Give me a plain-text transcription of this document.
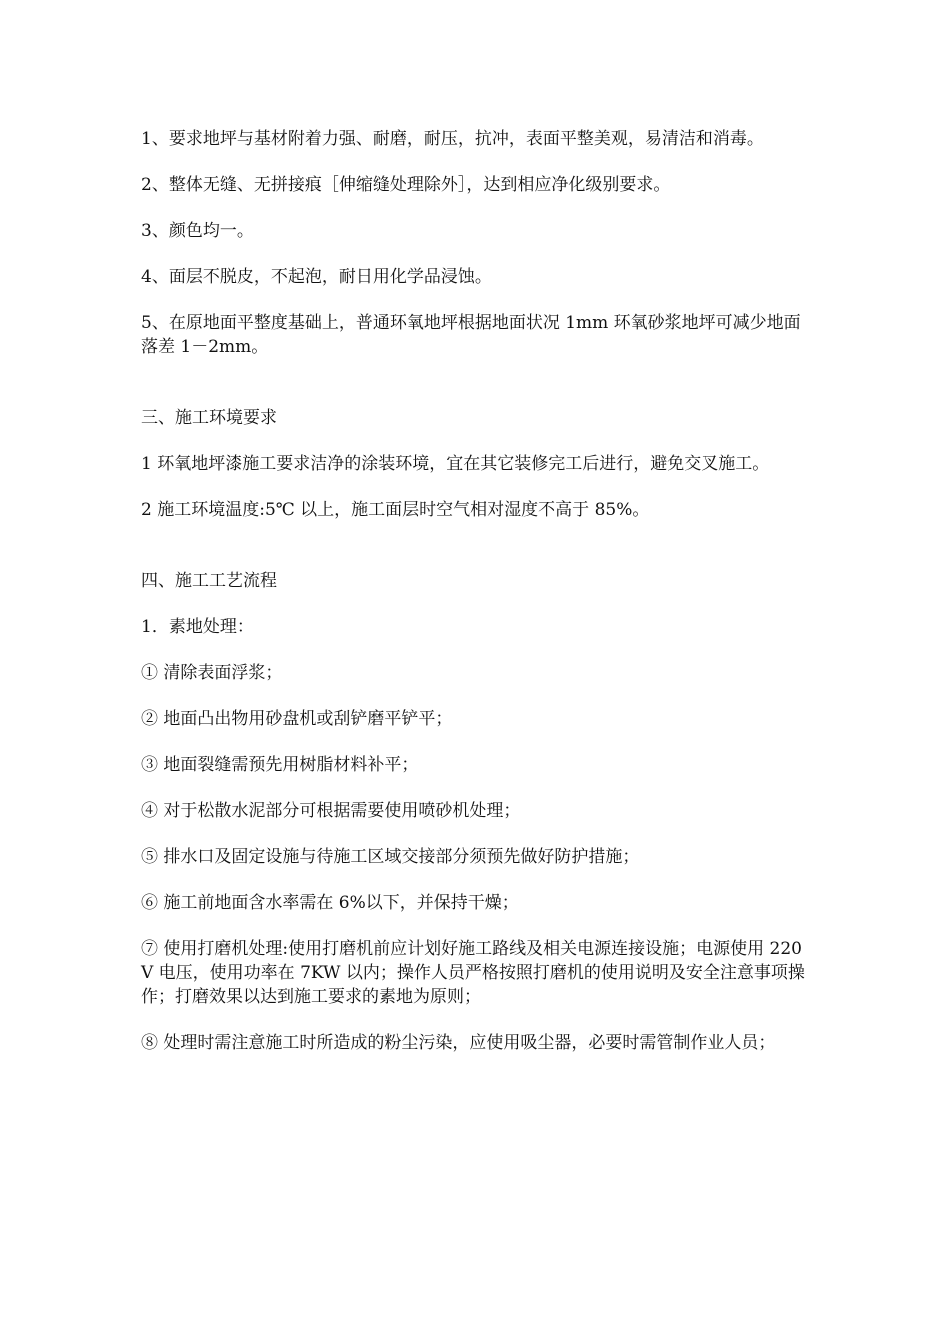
1、要求地坪与基材附着力强、耐磨，耐压，抗冲，表面平整美观，易清洁和消毒。

2、整体无缝、无拼接痕［伸缩缝处理除外］，达到相应净化级别要求。

3、颜色均一。

4、面层不脱皮，不起泡，耐日用化学品浸蚀。

5、在原地面平整度基础上，普通环氧地坪根据地面状况 1mm 环氧砂浆地坪可减少地面落差 1－2mm。

三、施工环境要求

1 环氧地坪漆施工要求洁净的涂装环境，宜在其它装修完工后进行，避免交叉施工。

2 施工环境温度:5℃ 以上，施工面层时空气相对湿度不高于 85%。

四、施工工艺流程

1．素地处理：

① 清除表面浮浆；

② 地面凸出物用砂盘机或刮铲磨平铲平；

③ 地面裂缝需预先用树脂材料补平；

④ 对于松散水泥部分可根据需要使用喷砂机处理；

⑤ 排水口及固定设施与待施工区域交接部分须预先做好防护措施；

⑥ 施工前地面含水率需在 6%以下，并保持干燥；

⑦ 使用打磨机处理:使用打磨机前应计划好施工路线及相关电源连接设施；电源使用 220V 电压，使用功率在 7KW 以内；操作人员严格按照打磨机的使用说明及安全注意事项操作；打磨效果以达到施工要求的素地为原则；

⑧ 处理时需注意施工时所造成的粉尘污染，应使用吸尘器，必要时需管制作业人员；
